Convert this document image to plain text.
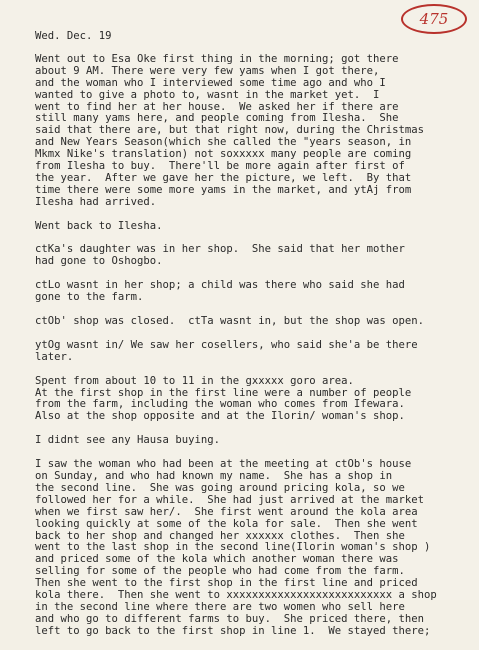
475
Wed. Dec. 19
Went out to Esa Oke first thing in the morning; got there
about 9 AM. There were very few yams when I got there,
and the woman who I interviewed some time ago and who I
wanted to give a photo to, wasnt in the market yet.  I
went to find her at her house.  We asked her if there are
still many yams here, and people coming from Ilesha.  She
said that there are, but that right now, during the Christmas
and New Years Season(which she called the "years season, in
Mkmx Nike's translation) not soxxxxx many people are coming
from Ilesha to buy.  There'll be more again after first of
the year.  After we gave her the picture, we left.  By that
time there were some more yams in the market, and ytAj from
Ilesha had arrived.
Went back to Ilesha.
ctKa's daughter was in her shop.  She said that her mother
had gone to Oshogbo.
ctLo wasnt in her shop; a child was there who said she had
gone to the farm.
ctOb' shop was closed.  ctTa wasnt in, but the shop was open.
ytOg wasnt in/ We saw her cosellers, who said she'a be there
later.
Spent from about 10 to 11 in the gxxxxx goro area.
At the first shop in the first line were a number of people
from the farm, including the woman who comes from Ifewara.
Also at the shop opposite and at the Ilorin/ woman's shop.
I didnt see any Hausa buying.
I saw the woman who had been at the meeting at ctOb's house
on Sunday, and who had known my name.  She has a shop in
the second line.  She was going around pricing kola, so we
followed her for a while.  She had just arrived at the market
when we first saw her/.  She first went around the kola area
looking quickly at some of the kola for sale.  Then she went
back to her shop and changed her xxxxxx clothes.  Then she
went to the last shop in the second line(Ilorin woman's shop )
and priced some of the kola which another woman there was
selling for some of the people who had come from the farm.
Then she went to the first shop in the first line and priced
kola there.  Then she went to xxxxxxxxxxxxxxxxxxxxxxxxxx a shop
in the second line where there are two women who sell here
and who go to different farms to buy.  She priced there, then
left to go back to the first shop in line 1.  We stayed there;
